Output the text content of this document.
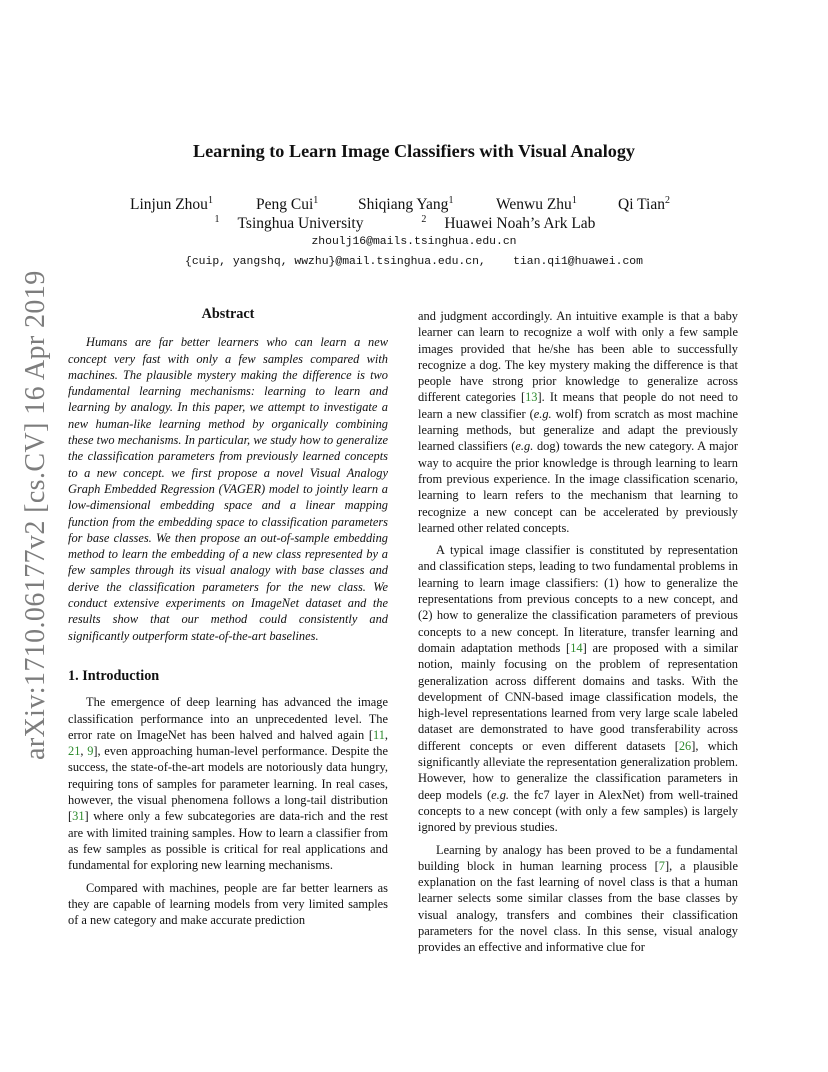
arXiv:1710.06177v2 [cs.CV] 16 Apr 2019
Learning to Learn Image Classifiers with Visual Analogy
Linjun Zhou$^1$	Peng Cui$^1$	Shiqiang Yang$^1$	Wenwu Zhu$^1$	Qi Tian$^2$
$^1$ Tsinghua University	$^2$ Huawei Noah’s Ark Lab
zhoulj16@mails.tsinghua.edu.cn
{cuip, yangshq, wwzhu}@mail.tsinghua.edu.cn,    tian.qi1@huawei.com
Abstract

Humans are far better learners who can learn a new concept very fast with only a few samples compared with machines. The plausible mystery making the difference is two fundamental learning mechanisms: learning to learn and learning by analogy. In this paper, we attempt to investigate a new human-like learning method by organically combining these two mechanisms. In particular, we study how to generalize the classification parameters from previously learned concepts to a new concept. we first propose a novel Visual Analogy Graph Embedded Regression (VAGER) model to jointly learn a low-dimensional embedding space and a linear mapping function from the embedding space to classification parameters for base classes. We then propose an out-of-sample embedding method to learn the embedding of a new class represented by a few samples through its visual analogy with base classes and derive the classification parameters for the new class. We conduct extensive experiments on ImageNet dataset and the results show that our method could consistently and significantly outperform state-of-the-art baselines.

1. Introduction

The emergence of deep learning has advanced the image classification performance into an unprecedented level. The error rate on ImageNet has been halved and halved again [11, 21, 9], even approaching human-level performance. Despite the success, the state-of-the-art models are notoriously data hungry, requiring tons of samples for parameter learning. In real cases, however, the visual phenomena follows a long-tail distribution [31] where only a few subcategories are data-rich and the rest are with limited training samples. How to learn a classifier from as few samples as possible is critical for real applications and fundamental for exploring new learning mechanisms.

Compared with machines, people are far better learners as they are capable of learning models from very limited samples of a new category and make accurate prediction

and judgment accordingly. An intuitive example is that a baby learner can learn to recognize a wolf with only a few sample images provided that he/she has been able to successfully recognize a dog. The key mystery making the difference is that people have strong prior knowledge to generalize across different categories [13]. It means that people do not need to learn a new classifier (e.g. wolf) from scratch as most machine learning methods, but generalize and adapt the previously learned classifiers (e.g. dog) towards the new category. A major way to acquire the prior knowledge is through learning to learn from previous experience. In the image classification scenario, learning to learn refers to the mechanism that learning to recognize a new concept can be accelerated by previously learned other related concepts.

A typical image classifier is constituted by representation and classification steps, leading to two fundamental problems in learning to learn image classifiers: (1) how to generalize the representations from previous concepts to a new concept, and (2) how to generalize the classification parameters of previous concepts to a new concept. In literature, transfer learning and domain adaptation methods [14] are proposed with a similar notion, mainly focusing on the problem of representation generalization across different domains and tasks. With the development of CNN-based image classification models, the high-level representations learned from very large scale labeled dataset are demonstrated to have good transferability across different concepts or even different datasets [26], which significantly alleviate the representation generalization problem. However, how to generalize the classification parameters in deep models (e.g. the fc7 layer in AlexNet) from well-trained concepts to a new concept (with only a few samples) is largely ignored by previous studies.

Learning by analogy has been proved to be a fundamental building block in human learning process [7], a plausible explanation on the fast learning of novel class is that a human learner selects some similar classes from the base classes by visual analogy, transfers and combines their classification parameters for the novel class. In this sense, visual analogy provides an effective and informative clue for
